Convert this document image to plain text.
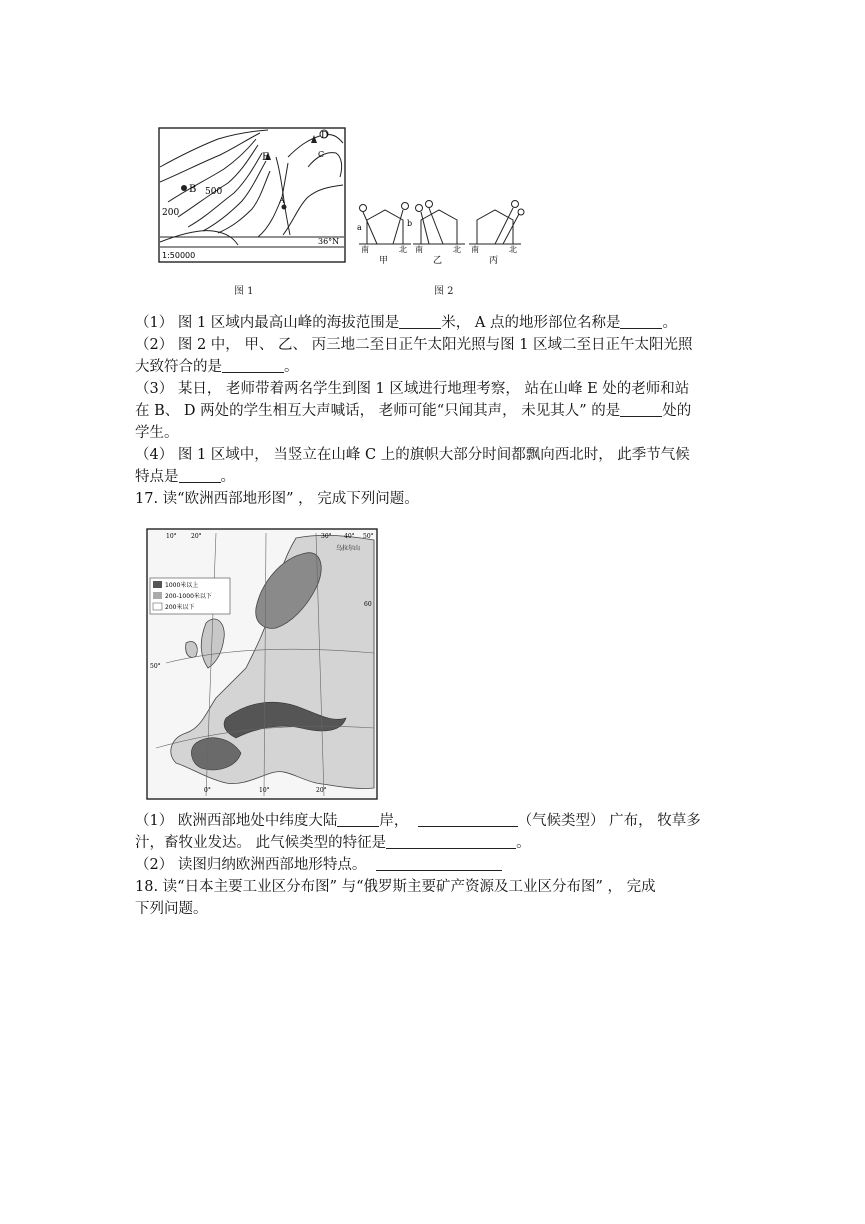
B
E
D
C
A
500
200
36°N
1:50000
图 1
a	b
南	北
甲
南	北
乙
南	北
丙
图 2
（1） 图 1 区域内最高山峰的海拔范围是	米， A 点的地形部位名称是	。
（2） 图 2 中， 甲、 乙、 丙三地二至日正午太阳光照与图 1 区域二至日正午太阳光照
大致符合的是	。
（3） 某日， 老师带着两名学生到图 1 区域进行地理考察， 站在山峰 E 处的老师和站
在 B、 D 两处的学生相互大声喊话， 老师可能“只闻其声， 未见其人” 的是	处的
学生。
（4） 图 1 区域中， 当竖立在山峰 C 上的旗帜大部分时间都飘向西北时， 此季节气候
特点是	。
17. 读“欧洲西部地形图” ， 完成下列问题。
1000米以上
200-1000米以下
200米以下
10° 20°	30° 40° 50°
60
50°
0°	10°	20°
乌拉尔山
（1） 欧洲西部地处中纬度大陆	岸，	（气候类型） 广布， 牧草多
汁，畜牧业发达。 此气候类型的特征是	。
（2） 读图归纳欧洲西部地形特点。
18. 读“日本主要工业区分布图” 与“俄罗斯主要矿产资源及工业区分布图” ， 完成
下列问题。
